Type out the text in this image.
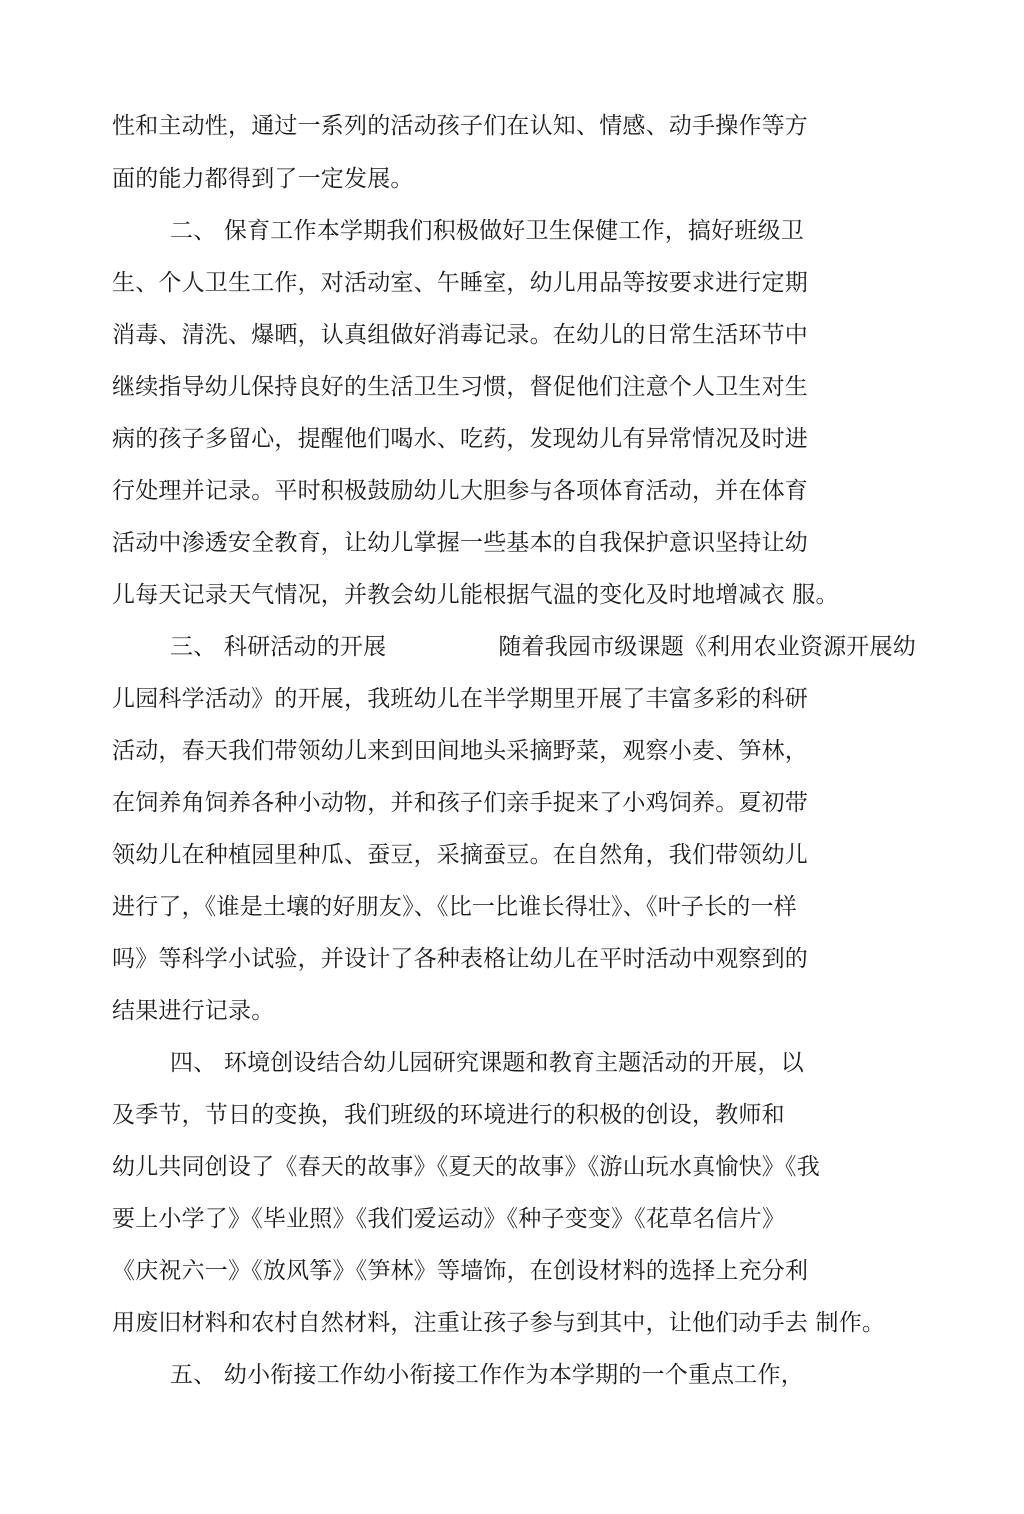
性和主动性，通过一系列的活动孩子们在认知、情感、动手操作等方
面的能力都得到了一定发展。
二、 保育工作本学期我们积极做好卫生保健工作，搞好班级卫
生、个人卫生工作，对活动室、午睡室，幼儿用品等按要求进行定期
消毒、清洗、爆晒，认真组做好消毒记录。在幼儿的日常生活环节中
继续指导幼儿保持良好的生活卫生习惯，督促他们注意个人卫生对生
病的孩子多留心，提醒他们喝水、吃药，发现幼儿有异常情况及时进
行处理并记录。平时积极鼓励幼儿大胆参与各项体育活动，并在体育
活动中渗透安全教育，让幼儿掌握一些基本的自我保护意识坚持让幼
儿每天记录天气情况，并教会幼儿能根据气温的变化及时地增减衣 服。
三、 科研活动的开展	随着我园市级课题《利用农业资源开展幼
儿园科学活动》的开展，我班幼儿在半学期里开展了丰富多彩的科研
活动，春天我们带领幼儿来到田间地头采摘野菜，观察小麦、笋林，
在饲养角饲养各种小动物，并和孩子们亲手捉来了小鸡饲养。夏初带
领幼儿在种植园里种瓜、蚕豆，采摘蚕豆。在自然角，我们带领幼儿
进行了，《谁是土壤的好朋友》、《比一比谁长得壮》、《叶子长的一样
吗》等科学小试验，并设计了各种表格让幼儿在平时活动中观察到的
结果进行记录。
四、 环境创设结合幼儿园研究课题和教育主题活动的开展，以
及季节，节日的变换，我们班级的环境进行的积极的创设，教师和
幼儿共同创设了《春天的故事》《夏天的故事》《游山玩水真愉快》《我
要上小学了》《毕业照》《我们爱运动》《种子变变》《花草名信片》
《庆祝六一》《放风筝》《笋林》等墙饰，在创设材料的选择上充分利
用废旧材料和农村自然材料，注重让孩子参与到其中，让他们动手去 制作。
五、 幼小衔接工作幼小衔接工作作为本学期的一个重点工作，
